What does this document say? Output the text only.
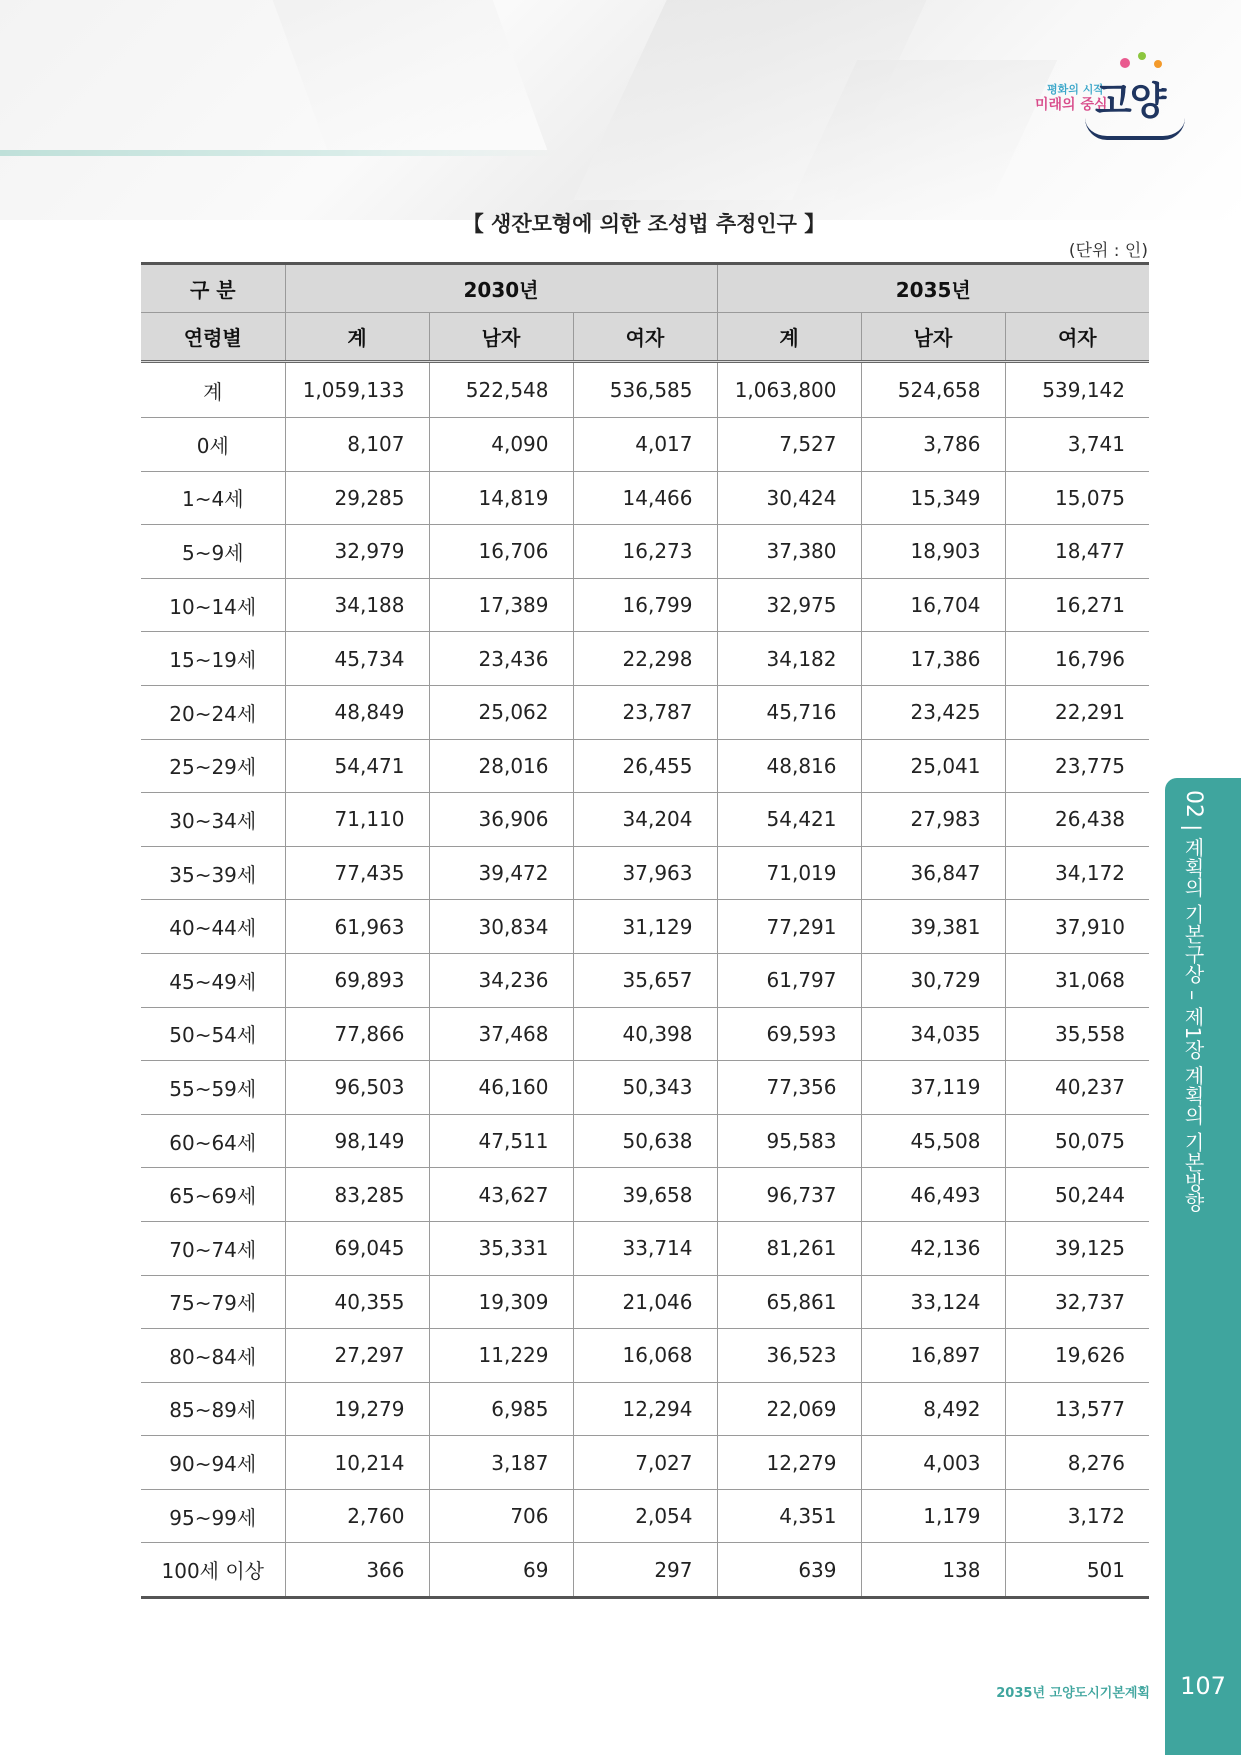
평화의 시작
미래의 중심
고양
【 생잔모형에 의한 조성법 추정인구 】
(단위 : 인)
구 분	2030년			2035년		
연령별	계	남자	여자	계	남자	여자
계	1,059,133	522,548	536,585	1,063,800	524,658	539,142
0세	8,107	4,090	4,017	7,527	3,786	3,741
1~4세	29,285	14,819	14,466	30,424	15,349	15,075
5~9세	32,979	16,706	16,273	37,380	18,903	18,477
10~14세	34,188	17,389	16,799	32,975	16,704	16,271
15~19세	45,734	23,436	22,298	34,182	17,386	16,796
20~24세	48,849	25,062	23,787	45,716	23,425	22,291
25~29세	54,471	28,016	26,455	48,816	25,041	23,775
30~34세	71,110	36,906	34,204	54,421	27,983	26,438
35~39세	77,435	39,472	37,963	71,019	36,847	34,172
40~44세	61,963	30,834	31,129	77,291	39,381	37,910
45~49세	69,893	34,236	35,657	61,797	30,729	31,068
50~54세	77,866	37,468	40,398	69,593	34,035	35,558
55~59세	96,503	46,160	50,343	77,356	37,119	40,237
60~64세	98,149	47,511	50,638	95,583	45,508	50,075
65~69세	83,285	43,627	39,658	96,737	46,493	50,244
70~74세	69,045	35,331	33,714	81,261	42,136	39,125
75~79세	40,355	19,309	21,046	65,861	33,124	32,737
80~84세	27,297	11,229	16,068	36,523	16,897	19,626
85~89세	19,279	6,985	12,294	22,069	8,492	13,577
90~94세	10,214	3,187	7,027	12,279	4,003	8,276
95~99세	2,760	706	2,054	4,351	1,179	3,172
100세 이상	366	69	297	639	138	501
02 | 계획의 기본구상 – 제1장 계획의 기본방향
2035년 고양도시기본계획	107
